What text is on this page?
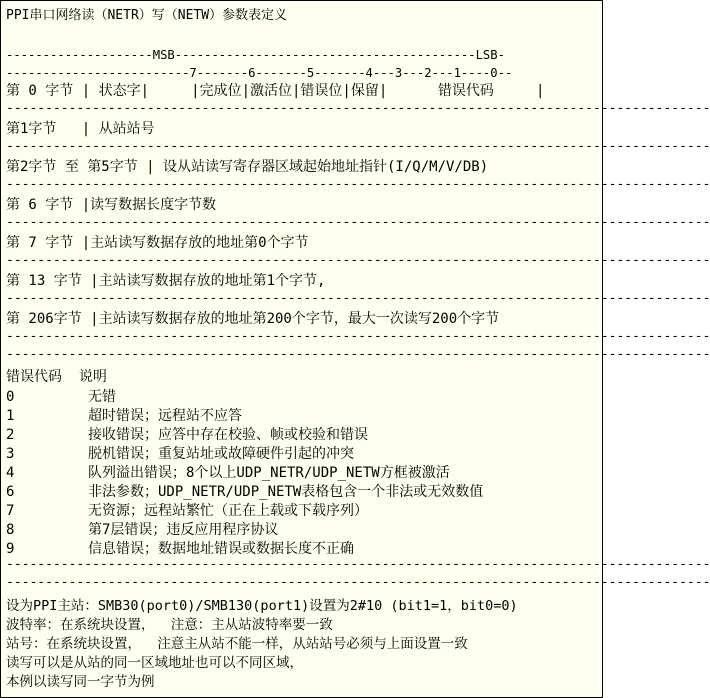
PPI串口网络读（NETR）写（NETW）参数表定义
--------------------MSB-----------------------------------------LSB-
-------------------------7-------6-------5-------4---3---2---1----0--
第 0 字节 | 状态字|     |完成位|激活位|错误位|保留|      错误代码     |
------------------------------------------------------------------------------------------
第1字节   | 从站站号
------------------------------------------------------------------------------------------
第2字节 至 第5字节 | 设从站读写寄存器区域起始地址指针(I/Q/M/V/DB)
------------------------------------------------------------------------------------------
第 6 字节 |读写数据长度字节数
------------------------------------------------------------------------------------------
第 7 字节 |主站读写数据存放的地址第0个字节
------------------------------------------------------------------------------------------
第 13 字节 |主站读写数据存放的地址第1个字节,
------------------------------------------------------------------------------------------
第 206字节 |主站读写数据存放的地址第200个字节，最大一次读写200个字节
------------------------------------------------------------------------------------------
------------------------------------------------------------------------------------------
错误代码  说明
0	无错
1	超时错误；远程站不应答
2	接收错误；应答中存在校验、帧或校验和错误
3	脱机错误；重复站址或故障硬件引起的冲突
4	队列溢出错误；8个以上UDP_NETR/UDP_NETW方框被激活
6	非法参数；UDP_NETR/UDP_NETW表格包含一个非法或无效数值
7	无资源；远程站繁忙（正在上载或下载序列）
8	第7层错误；违反应用程序协议
9	信息错误；数据地址错误或数据长度不正确
------------------------------------------------------------------------------------------
------------------------------------------------------------------------------------------
设为PPI主站：SMB30(port0)/SMB130(port1)设置为2#10 (bit1=1，bit0=0)
波特率：在系统块设置，  注意：主从站波特率要一致
站号：在系统块设置，  注意主从站不能一样，从站站号必须与上面设置一致
读写可以是从站的同一区域地址也可以不同区域，
本例以读写同一字节为例
